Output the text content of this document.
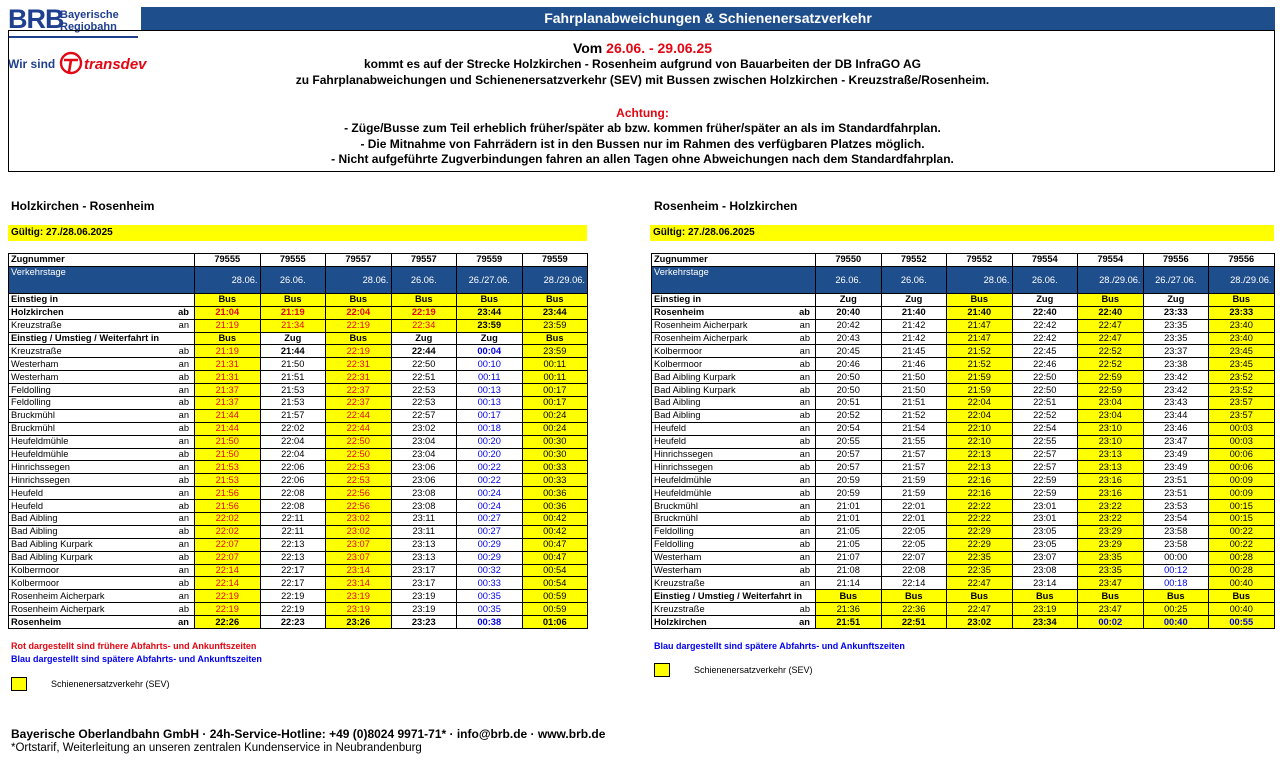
BRB
Bayerische
Regiobahn
Wir sind transdev
Fahrplanabweichungen & Schienenersatzverkehr
Vom 26.06. - 29.06.25
kommt es auf der Strecke Holzkirchen - Rosenheim aufgrund von Bauarbeiten der DB InfraGO AG
zu Fahrplanabweichungen und Schienenersatzverkehr (SEV) mit Bussen zwischen Holzkirchen - Kreuzstraße/Rosenheim.
Achtung:
- Züge/Busse zum Teil erheblich früher/später ab bzw. kommen früher/später an als im Standardfahrplan.
- Die Mitnahme von Fahrrädern ist in den Bussen nur im Rahmen des verfügbaren Platzes möglich.
- Nicht aufgeführte Zugverbindungen fahren an allen Tagen ohne Abweichungen nach dem Standardfahrplan.
Holzkirchen - Rosenheim
Gültig: 27./28.06.2025
Zugnummer		79555	79555	79557	79557	79559	79559
Verkehrstage		28.06.	26.06.	28.06.	26.06.	26./27.06.	28./29.06.

Einstieg in		Bus	Bus	Bus	Bus	Bus	Bus
Holzkirchen	ab	21:04	21:19	22:04	22:19	23:44	23:44
Kreuzstraße	an	21:19	21:34	22:19	22:34	23:59	23:59
Einstieg / Umstieg / Weiterfahrt in		Bus	Zug	Bus	Zug	Zug	Bus
Kreuzstraße	ab	21:19	21:44	22:19	22:44	00:04	23:59
Westerham	an	21:31	21:50	22:31	22:50	00:10	00:11
Westerham	ab	21:31	21:51	22:31	22:51	00:11	00:11
Feldolling	an	21:37	21:53	22:37	22:53	00:13	00:17
Feldolling	ab	21:37	21:53	22:37	22:53	00:13	00:17
Bruckmühl	an	21:44	21:57	22:44	22:57	00:17	00:24
Bruckmühl	ab	21:44	22:02	22:44	23:02	00:18	00:24
Heufeldmühle	an	21:50	22:04	22:50	23:04	00:20	00:30
Heufeldmühle	ab	21:50	22:04	22:50	23:04	00:20	00:30
Hinrichssegen	an	21:53	22:06	22:53	23:06	00:22	00:33
Hinrichssegen	ab	21:53	22:06	22:53	23:06	00:22	00:33
Heufeld	an	21:56	22:08	22:56	23:08	00:24	00:36
Heufeld	ab	21:56	22:08	22:56	23:08	00:24	00:36
Bad Aibling	an	22:02	22:11	23:02	23:11	00:27	00:42
Bad Aibling	ab	22:02	22:11	23:02	23:11	00:27	00:42
Bad Aibling Kurpark	an	22:07	22:13	23:07	23:13	00:29	00:47
Bad Aibling Kurpark	ab	22:07	22:13	23:07	23:13	00:29	00:47
Kolbermoor	an	22:14	22:17	23:14	23:17	00:32	00:54
Kolbermoor	ab	22:14	22:17	23:14	23:17	00:33	00:54
Rosenheim Aicherpark	an	22:19	22:19	23:19	23:19	00:35	00:59
Rosenheim Aicherpark	ab	22:19	22:19	23:19	23:19	00:35	00:59
Rosenheim	an	22:26	22:23	23:26	23:23	00:38	01:06
Rosenheim - Holzkirchen
Gültig: 27./28.06.2025
Zugnummer		79550	79552	79552	79554	79554	79556	79556
Verkehrstage		26.06.	26.06.	28.06.	26.06.	28./29.06.	26./27.06.	28./29.06.

Einstieg in		Zug	Zug	Bus	Zug	Bus	Zug	Bus
Rosenheim	ab	20:40	21:40	21:40	22:40	22:40	23:33	23:33
Rosenheim Aicherpark	an	20:42	21:42	21:47	22:42	22:47	23:35	23:40
Rosenheim Aicherpark	ab	20:43	21:42	21:47	22:42	22:47	23:35	23:40
Kolbermoor	an	20:45	21:45	21:52	22:45	22:52	23:37	23:45
Kolbermoor	ab	20:46	21:46	21:52	22:46	22:52	23:38	23:45
Bad Aibling Kurpark	an	20:50	21:50	21:59	22:50	22:59	23:42	23:52
Bad Aibling Kurpark	ab	20:50	21:50	21:59	22:50	22:59	23:42	23:52
Bad Aibling	an	20:51	21:51	22:04	22:51	23:04	23:43	23:57
Bad Aibling	ab	20:52	21:52	22:04	22:52	23:04	23:44	23:57
Heufeld	an	20:54	21:54	22:10	22:54	23:10	23:46	00:03
Heufeld	ab	20:55	21:55	22:10	22:55	23:10	23:47	00:03
Hinrichssegen	an	20:57	21:57	22:13	22:57	23:13	23:49	00:06
Hinrichssegen	ab	20:57	21:57	22:13	22:57	23:13	23:49	00:06
Heufeldmühle	an	20:59	21:59	22:16	22:59	23:16	23:51	00:09
Heufeldmühle	ab	20:59	21:59	22:16	22:59	23:16	23:51	00:09
Bruckmühl	an	21:01	22:01	22:22	23:01	23:22	23:53	00:15
Bruckmühl	ab	21:01	22:01	22:22	23:01	23:22	23:54	00:15
Feldolling	an	21:05	22:05	22:29	23:05	23:29	23:58	00:22
Feldolling	ab	21:05	22:05	22:29	23:05	23:29	23:58	00:22
Westerham	an	21:07	22:07	22:35	23:07	23:35	00:00	00:28
Westerham	ab	21:08	22:08	22:35	23:08	23:35	00:12	00:28
Kreuzstraße	an	21:14	22:14	22:47	23:14	23:47	00:18	00:40
Einstieg / Umstieg / Weiterfahrt in		Bus	Bus	Bus	Bus	Bus	Bus	Bus
Kreuzstraße	ab	21:36	22:36	22:47	23:19	23:47	00:25	00:40
Holzkirchen	an	21:51	22:51	23:02	23:34	00:02	00:40	00:55
Rot dargestellt sind frühere Abfahrts- und Ankunftszeiten
Blau dargestellt sind spätere Abfahrts- und Ankunftszeiten
Schienenersatzverkehr (SEV)
Blau dargestellt sind spätere Abfahrts- und Ankunftszeiten
Schienenersatzverkehr (SEV)
Bayerische Oberlandbahn GmbH · 24h-Service-Hotline: +49 (0)8024 9971-71* · info@brb.de · www.brb.de
*Ortstarif, Weiterleitung an unseren zentralen Kundenservice in Neubrandenburg
